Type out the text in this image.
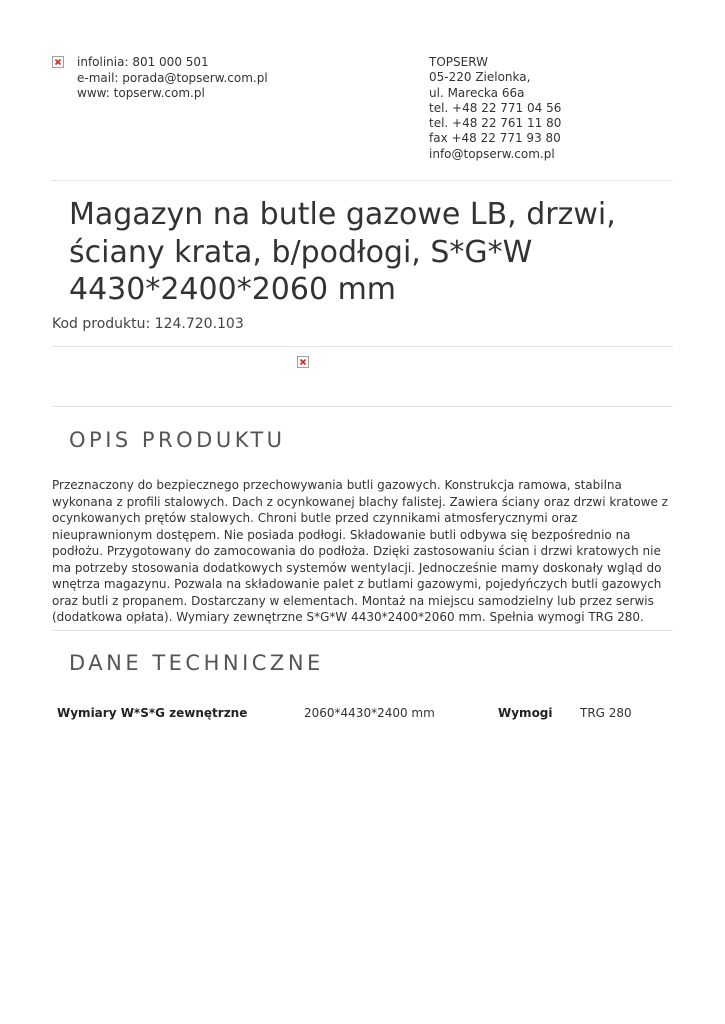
infolinia: 801 000 501
e-mail: porada@topserw.com.pl
www: topserw.com.pl
TOPSERW
05-220 Zielonka,
ul. Marecka 66a
tel. +48 22 771 04 56
tel. +48 22 761 11 80
fax +48 22 771 93 80
info@topserw.com.pl
Magazyn na butle gazowe LB, drzwi, ściany krata, b/podłogi, S*G*W 4430*2400*2060 mm
Kod produktu: 124.720.103
OPIS PRODUKTU

Przeznaczony do bezpiecznego przechowywania butli gazowych. Konstrukcja ramowa, stabilna wykonana z profili stalowych. Dach z ocynkowanej blachy falistej. Zawiera ściany oraz drzwi kratowe z ocynkowanych prętów stalowych. Chroni butle przed czynnikami atmosferycznymi oraz nieuprawnionym dostępem. Nie posiada podłogi. Składowanie butli odbywa się bezpośrednio na podłożu. Przygotowany do zamocowania do podłoża. Dzięki zastosowaniu ścian i drzwi kratowych nie ma potrzeby stosowania dodatkowych systemów wentylacji. Jednocześnie mamy doskonały wgląd do wnętrza magazynu. Pozwala na składowanie palet z butlami gazowymi, pojedyńczych butli gazowych oraz butli z propanem. Dostarczany w elementach. Montaż na miejscu samodzielny lub przez serwis (dodatkowa opłata). Wymiary zewnętrzne S*G*W 4430*2400*2060 mm. Spełnia wymogi TRG 280.

DANE TECHNICZNE
Wymiary W*S*G zewnętrzne	2060*4430*2400 mm	Wymogi TRG 280
